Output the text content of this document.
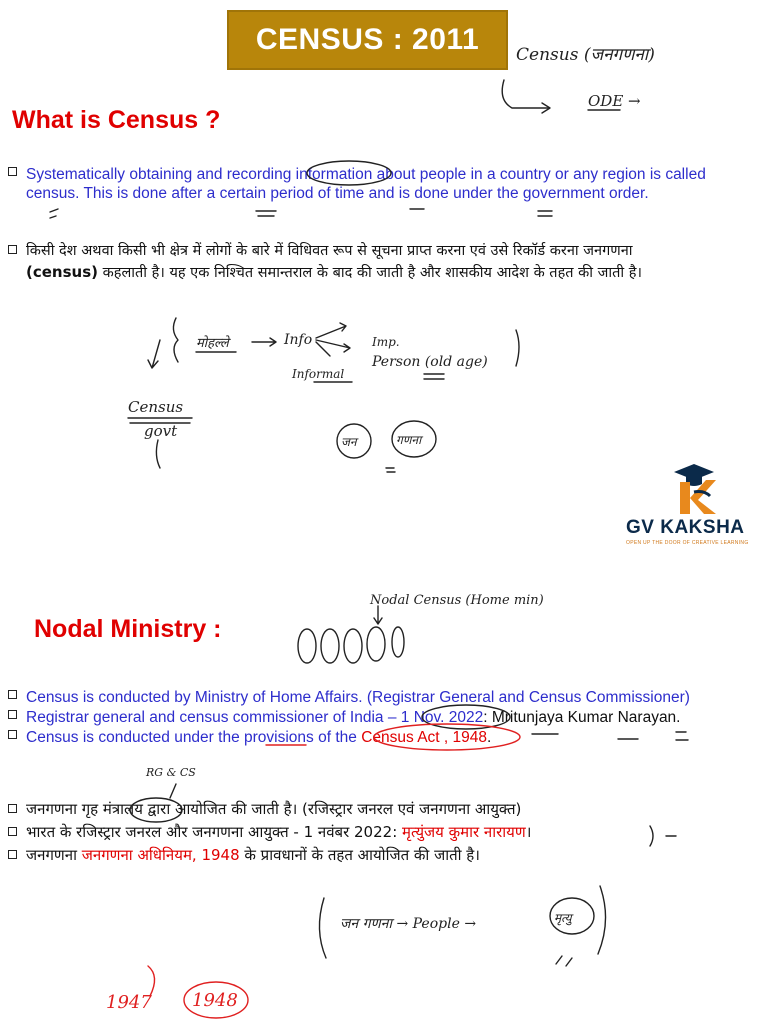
CENSUS : 2011
What is Census ?
Systematically obtaining and recording information about people in a country or any region is called
census. This is done after a certain period of time and is done under the government order.
किसी देश अथवा किसी भी क्षेत्र में लोगों के बारे में विधिवत रूप से सूचना प्राप्त करना एवं उसे रिकॉर्ड करना जनगणना
(census) कहलाती है। यह एक निश्चित समान्तराल के बाद की जाती है और शासकीय आदेश के तहत की जाती है।
GV KAKSHA
OPEN UP THE DOOR OF CREATIVE LEARNING
Nodal Ministry :
Census is conducted by Ministry of Home Affairs. (Registrar General and Census Commissioner)
Registrar general and census commissioner of India – 1 Nov. 2022: Mritunjaya Kumar Narayan.
Census is conducted under the provisions of the Census Act , 1948.
जनगणना गृह मंत्रालय द्वारा आयोजित की जाती है। (रजिस्ट्रार जनरल एवं जनगणना आयुक्त)
भारत के रजिस्ट्रार जनरल और जनगणना आयुक्त - 1 नवंबर 2022: मृत्युंजय कुमार नारायण।
जनगणना जनगणना अधिनियम, 1948 के प्रावधानों के तहत आयोजित की जाती है।
Census (जनगणना)
ODE →
मोहल्ले	Info	Imp.
Person (old age)
Informal
Census
govt
जन	गणना
Nodal Census (Home min)
RG & CS
जन गणना → People →	मृत्यु
1947 1948
